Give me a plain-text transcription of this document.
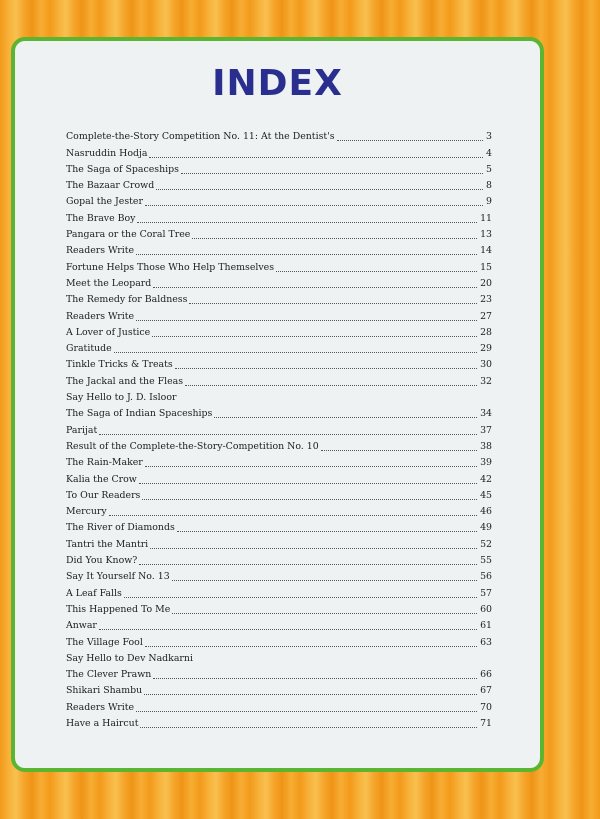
INDEX
Complete-the-Story Competition No. 11: At the Dentist's	3
Nasruddin Hodja	4
The Saga of Spaceships	5
The Bazaar Crowd	8
Gopal the Jester	9
The Brave Boy	11
Pangara or the Coral Tree	13
Readers Write	14
Fortune Helps Those Who Help Themselves	15
Meet the Leopard	20
The Remedy for Baldness	23
Readers Write	27
A Lover of Justice	28
Gratitude	29
Tinkle Tricks & Treats	30
The Jackal and the Fleas	32
Say Hello to J. D. Isloor
The Saga of Indian Spaceships	34
Parijat	37
Result of the Complete-the-Story-Competition No. 10	38
The Rain-Maker	39
Kalia the Crow	42
To Our Readers	45
Mercury	46
The River of Diamonds	49
Tantri the Mantri	52
Did You Know?	55
Say It Yourself No. 13	56
A Leaf Falls	57
This Happened To Me	60
Anwar	61
The Village Fool	63
Say Hello to Dev Nadkarni
The Clever Prawn	66
Shikari Shambu	67
Readers Write	70
Have a Haircut	71
